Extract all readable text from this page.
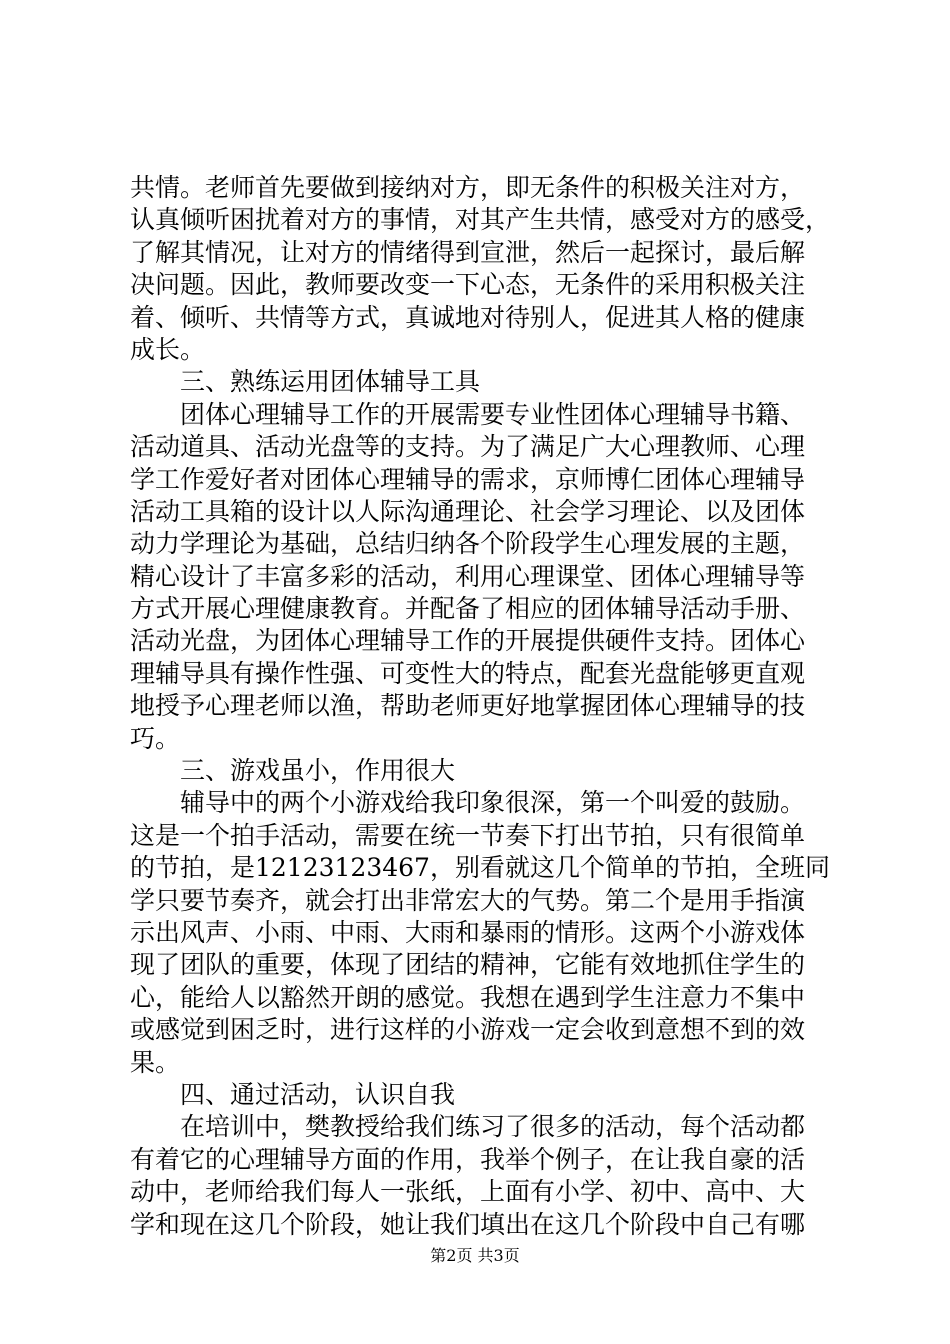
共情。老师首先要做到接纳对方，即无条件的积极关注对方，
认真倾听困扰着对方的事情，对其产生共情，感受对方的感受，
了解其情况，让对方的情绪得到宣泄，然后一起探讨，最后解
决问题。因此，教师要改变一下心态，无条件的采用积极关注
着、倾听、共情等方式，真诚地对待别人，促进其人格的健康
成长。
　　三、熟练运用团体辅导工具
　　团体心理辅导工作的开展需要专业性团体心理辅导书籍、
活动道具、活动光盘等的支持。为了满足广大心理教师、心理
学工作爱好者对团体心理辅导的需求，京师博仁团体心理辅导
活动工具箱的设计以人际沟通理论、社会学习理论、以及团体
动力学理论为基础，总结归纳各个阶段学生心理发展的主题，
精心设计了丰富多彩的活动，利用心理课堂、团体心理辅导等
方式开展心理健康教育。并配备了相应的团体辅导活动手册、
活动光盘，为团体心理辅导工作的开展提供硬件支持。团体心
理辅导具有操作性强、可变性大的特点，配套光盘能够更直观
地授予心理老师以渔，帮助老师更好地掌握团体心理辅导的技
巧。
　　三、游戏虽小，作用很大
　　辅导中的两个小游戏给我印象很深，第一个叫爱的鼓励。
这是一个拍手活动，需要在统一节奏下打出节拍，只有很简单
的节拍，是12123123467，别看就这几个简单的节拍，全班同
学只要节奏齐，就会打出非常宏大的气势。第二个是用手指演
示出风声、小雨、中雨、大雨和暴雨的情形。这两个小游戏体
现了团队的重要，体现了团结的精神，它能有效地抓住学生的
心，能给人以豁然开朗的感觉。我想在遇到学生注意力不集中
或感觉到困乏时，进行这样的小游戏一定会收到意想不到的效
果。
　　四、通过活动，认识自我
　　在培训中，樊教授给我们练习了很多的活动，每个活动都
有着它的心理辅导方面的作用，我举个例子，在让我自豪的活
动中，老师给我们每人一张纸，上面有小学、初中、高中、大
学和现在这几个阶段，她让我们填出在这几个阶段中自己有哪
第2页 共3页
